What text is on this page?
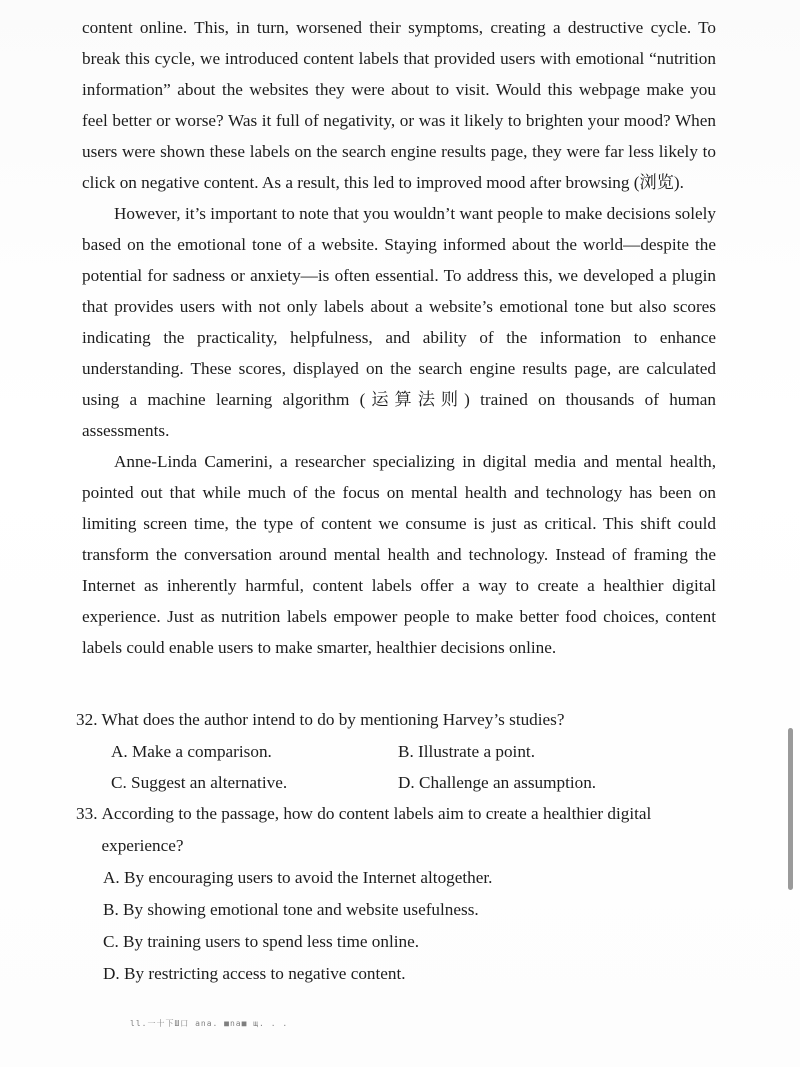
content online. This, in turn, worsened their symptoms, creating a destructive cycle. To break this cycle, we introduced content labels that provided users with emotional “nutrition information” about the websites they were about to visit. Would this webpage make you feel better or worse? Was it full of negativity, or was it likely to brighten your mood? When users were shown these labels on the search engine results page, they were far less likely to click on negative content. As a result, this led to improved mood after browsing (浏览).

However, it’s important to note that you wouldn’t want people to make decisions solely based on the emotional tone of a website. Staying informed about the world—despite the potential for sadness or anxiety—is often essential. To address this, we developed a plugin that provides users with not only labels about a website’s emotional tone but also scores indicating the practicality, helpfulness, and ability of the information to enhance understanding. These scores, displayed on the search engine results page, are calculated using a machine learning algorithm (运算法则) trained on thousands of human assessments.

Anne-Linda Camerini, a researcher specializing in digital media and mental health, pointed out that while much of the focus on mental health and technology has been on limiting screen time, the type of content we consume is just as critical. This shift could transform the conversation around mental health and technology. Instead of framing the Internet as inherently harmful, content labels offer a way to create a healthier digital experience. Just as nutrition labels empower people to make better food choices, content labels could enable users to make smarter, healthier decisions online.

32. What does the author intend to do by mentioning Harvey’s studies?
A. Make a comparison.	B. Illustrate a point.
C. Suggest an alternative.	D. Challenge an assumption.
33. According to the passage, how do content labels aim to create a healthier digital experience?
A. By encouraging users to avoid the Internet altogether.
B. By showing emotional tone and website usefulness.
C. By training users to spend less time online.
D. By restricting access to negative content.
ll.一十下Ш口 ana. ■na■ щ. . .
